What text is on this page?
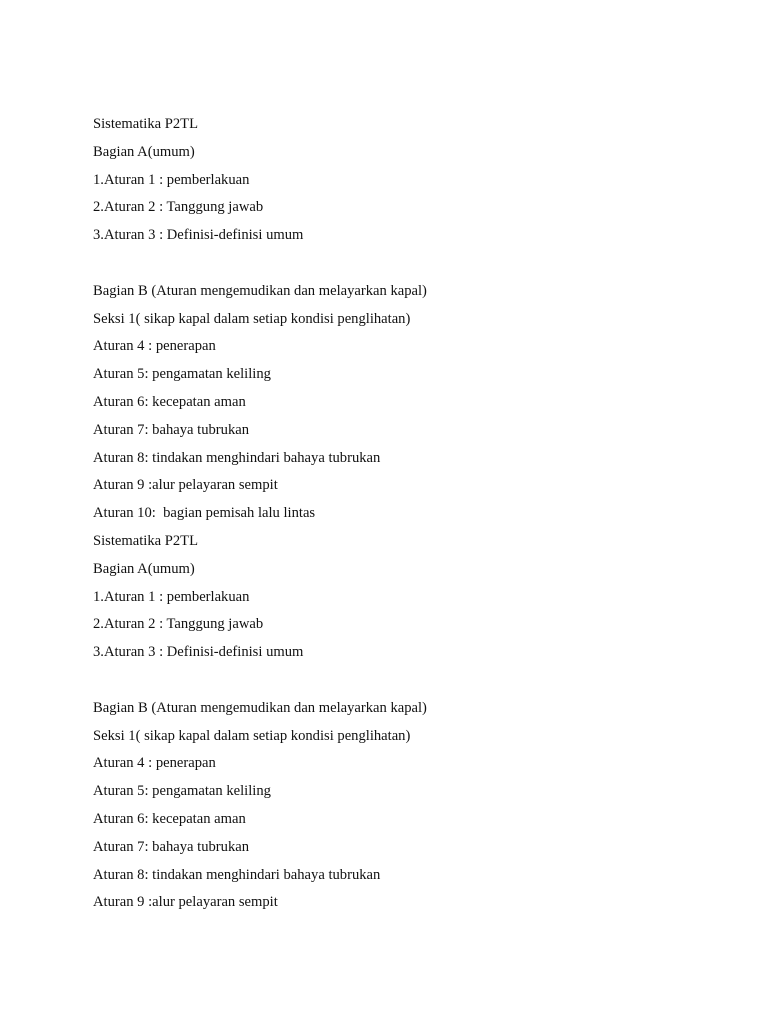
Sistematika P2TL
Bagian A(umum)
1.Aturan 1 : pemberlakuan
2.Aturan 2 : Tanggung jawab
3.Aturan 3 : Definisi-definisi umum
Bagian B (Aturan mengemudikan dan melayarkan kapal)
Seksi 1( sikap kapal dalam setiap kondisi penglihatan)
Aturan 4 : penerapan
Aturan 5: pengamatan keliling
Aturan 6: kecepatan aman
Aturan 7: bahaya tubrukan
Aturan 8: tindakan menghindari bahaya tubrukan
Aturan 9 :alur pelayaran sempit
Aturan 10:  bagian pemisah lalu lintas
Sistematika P2TL
Bagian A(umum)
1.Aturan 1 : pemberlakuan
2.Aturan 2 : Tanggung jawab
3.Aturan 3 : Definisi-definisi umum
Bagian B (Aturan mengemudikan dan melayarkan kapal)
Seksi 1( sikap kapal dalam setiap kondisi penglihatan)
Aturan 4 : penerapan
Aturan 5: pengamatan keliling
Aturan 6: kecepatan aman
Aturan 7: bahaya tubrukan
Aturan 8: tindakan menghindari bahaya tubrukan
Aturan 9 :alur pelayaran sempit
